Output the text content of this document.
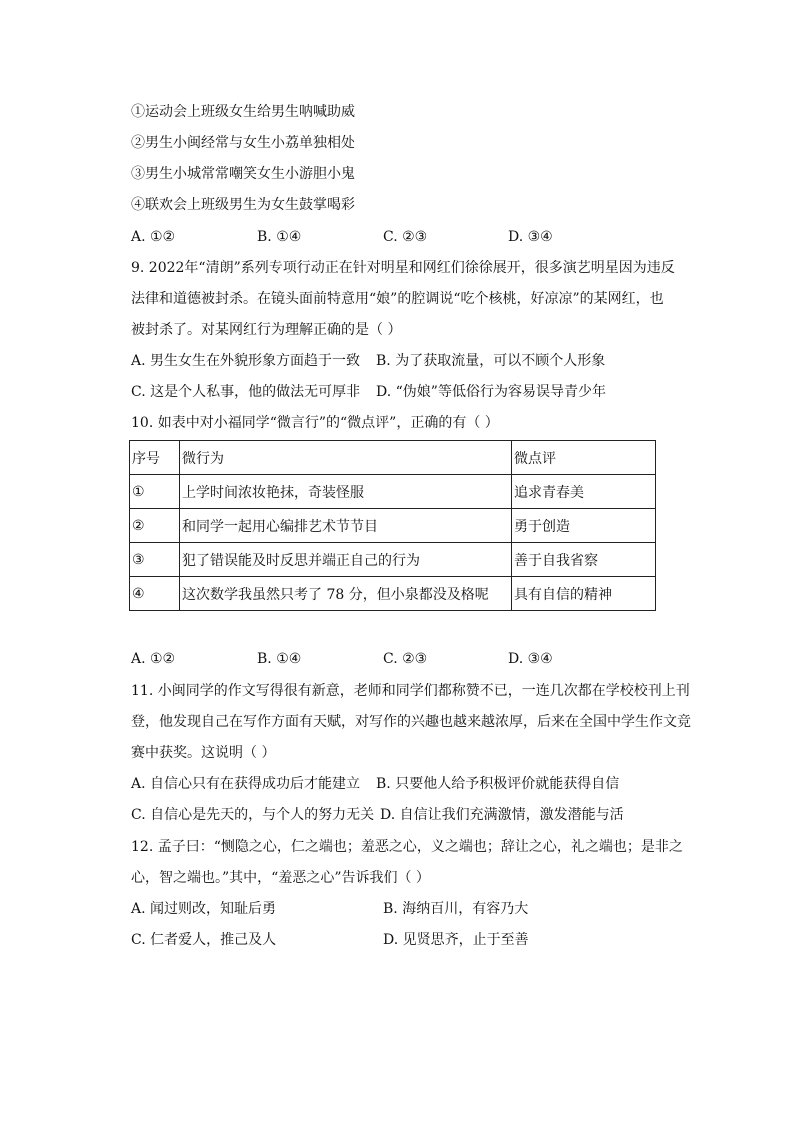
①运动会上班级女生给男生呐喊助威
②男生小闽经常与女生小荔单独相处
③男生小城常常嘲笑女生小游胆小鬼
④联欢会上班级男生为女生鼓掌喝彩
A. ①②	B. ①④	C. ②③	D. ③④
9. 2022年“清朗”系列专项行动正在针对明星和网红们徐徐展开，很多演艺明星因为违反
法律和道德被封杀。在镜头面前特意用“娘”的腔调说“吃个核桃，好凉凉”的某网红，也
被封杀了。对某网红行为理解正确的是（ ）
A. 男生女生在外貌形象方面趋于一致 B. 为了获取流量，可以不顾个人形象
C. 这是个人私事，他的做法无可厚非 D. “伪娘”等低俗行为容易误导青少年
10. 如表中对小福同学“微言行”的“微点评”，正确的有（ ）
序号	微行为	微点评
①	上学时间浓妆艳抹，奇装怪服	追求青春美
②	和同学一起用心编排艺术节节目	勇于创造
③	犯了错误能及时反思并端正自己的行为	善于自我省察
④	这次数学我虽然只考了 78 分，但小泉都没及格呢	具有自信的精神
A. ①②	B. ①④	C. ②③	D. ③④
11. 小闽同学的作文写得很有新意，老师和同学们都称赞不已，一连几次都在学校校刊上刊
登，他发现自己在写作方面有天赋，对写作的兴趣也越来越浓厚，后来在全国中学生作文竞
赛中获奖。这说明（ ）
A. 自信心只有在获得成功后才能建立 B. 只要他人给予积极评价就能获得自信
C. 自信心是先天的，与个人的努力无关 D. 自信让我们充满激情，激发潜能与活
12. 孟子曰：“恻隐之心，仁之端也；羞恶之心，义之端也；辞让之心，礼之端也；是非之
心，智之端也。”其中，“羞恶之心”告诉我们（ ）
A. 闻过则改，知耻后勇	B. 海纳百川，有容乃大
C. 仁者爱人，推己及人	D. 见贤思齐，止于至善
